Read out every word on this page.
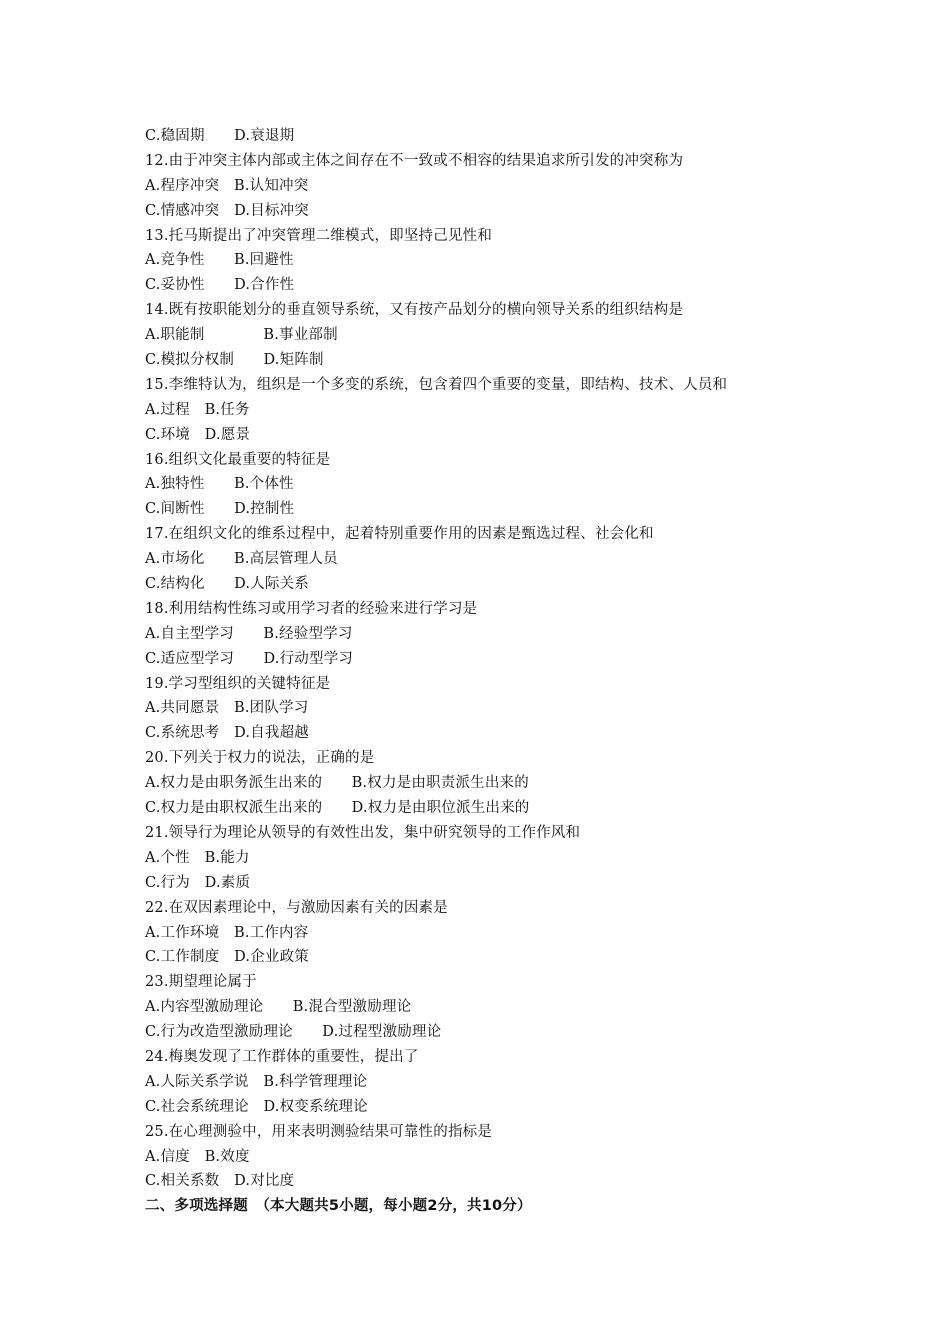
C.稳固期　　D.衰退期
12.由于冲突主体内部或主体之间存在不一致或不相容的结果追求所引发的冲突称为
A.程序冲突　B.认知冲突
C.情感冲突　D.目标冲突
13.托马斯提出了冲突管理二维模式，即坚持己见性和
A.竞争性　　B.回避性
C.妥协性　　D.合作性
14.既有按职能划分的垂直领导系统，又有按产品划分的横向领导关系的组织结构是
A.职能制　　　　B.事业部制
C.模拟分权制　　D.矩阵制
15.李维特认为，组织是一个多变的系统，包含着四个重要的变量，即结构、技术、人员和
A.过程　B.任务
C.环境　D.愿景
16.组织文化最重要的特征是
A.独特性　　B.个体性
C.间断性　　D.控制性
17.在组织文化的维系过程中，起着特别重要作用的因素是甄选过程、社会化和
A.市场化　　B.高层管理人员
C.结构化　　D.人际关系
18.利用结构性练习或用学习者的经验来进行学习是
A.自主型学习　　B.经验型学习
C.适应型学习　　D.行动型学习
19.学习型组织的关键特征是
A.共同愿景　B.团队学习
C.系统思考　D.自我超越
20.下列关于权力的说法，正确的是
A.权力是由职务派生出来的　　B.权力是由职责派生出来的
C.权力是由职权派生出来的　　D.权力是由职位派生出来的
21.领导行为理论从领导的有效性出发，集中研究领导的工作作风和
A.个性　B.能力
C.行为　D.素质
22.在双因素理论中，与激励因素有关的因素是
A.工作环境　B.工作内容
C.工作制度　D.企业政策
23.期望理论属于
A.内容型激励理论　　B.混合型激励理论
C.行为改造型激励理论　　D.过程型激励理论
24.梅奥发现了工作群体的重要性，提出了
A.人际关系学说　B.科学管理理论
C.社会系统理论　D.权变系统理论
25.在心理测验中，用来表明测验结果可靠性的指标是
A.信度　B.效度
C.相关系数　D.对比度
二、多项选择题　（本大题共5小题，每小题2分，共10分）
